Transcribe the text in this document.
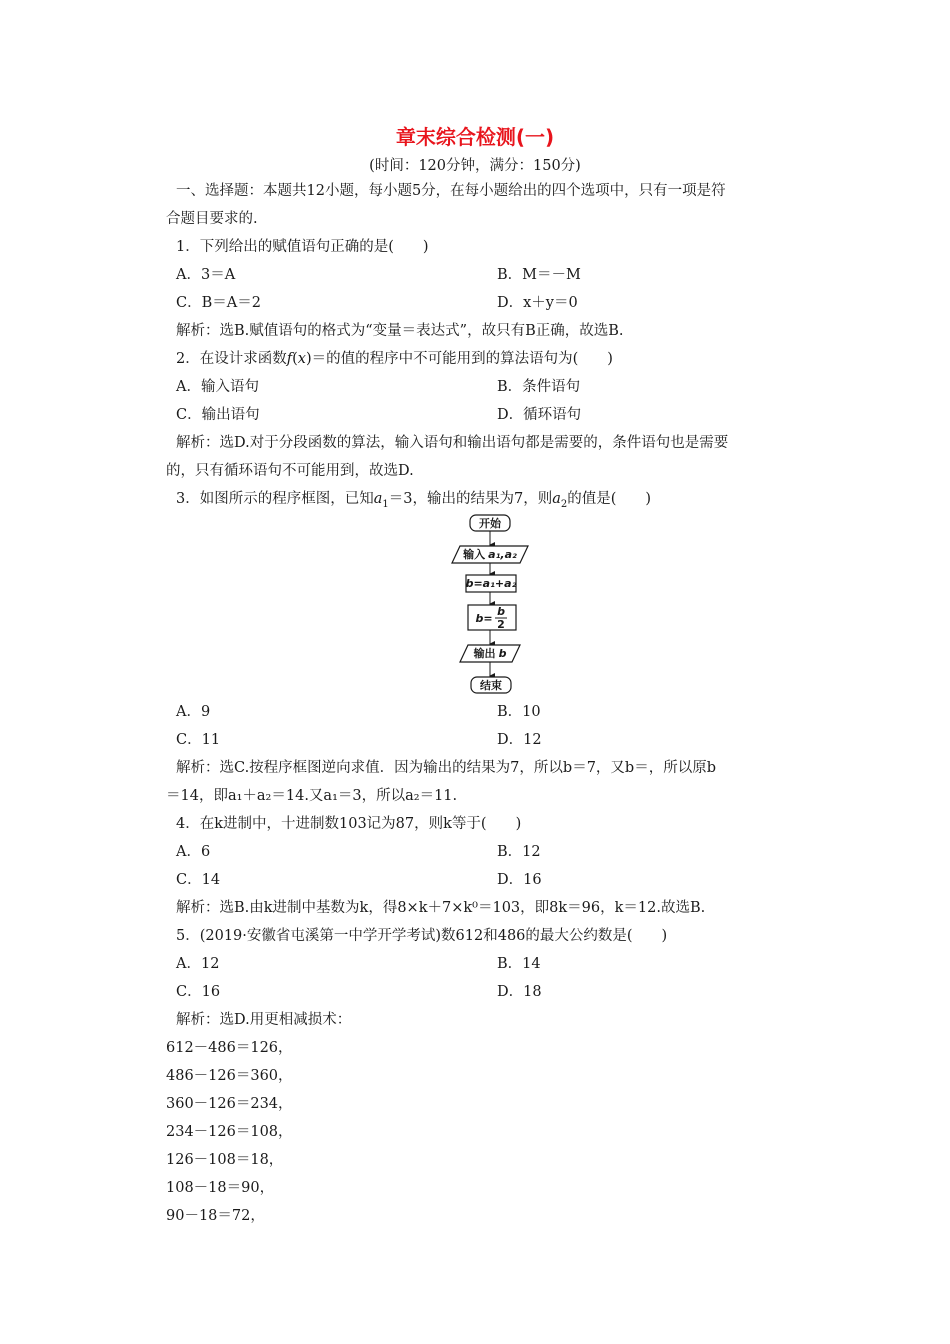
章末综合检测(一)
(时间：120分钟，满分：150分)
一、选择题：本题共12小题，每小题5分，在每小题给出的四个选项中，只有一项是符
合题目要求的.
1．下列给出的赋值语句正确的是(　　)
A．3＝A	B．M＝－M
C．B＝A＝2	D．x＋y＝0
解析：选B.赋值语句的格式为“变量＝表达式”，故只有B正确，故选B.
2．在设计求函数f(x)＝的值的程序中不可能用到的算法语句为(　　)
A．输入语句	B．条件语句
C．输出语句	D．循环语句
解析：选D.对于分段函数的算法，输入语句和输出语句都是需要的，条件语句也是需要
的，只有循环语句不可能用到，故选D.
3．如图所示的程序框图，已知$a_1=3$，输出的结果为7，则$a_2$的值是(　　)
开始
输入 a₁,a₂
b=a₁+a₂
b=
b
2
输出 b
结束
A．9	B．10
C．11	D．12
解析：选C.按程序框图逆向求值．因为输出的结果为7，所以b＝7，又b＝，所以原b
＝14，即a₁＋a₂＝14.又a₁＝3，所以a₂＝11.
4．在k进制中，十进制数103记为87，则k等于(　　)
A．6	B．12
C．14	D．16
解析：选B.由k进制中基数为k，得8×k＋7×k⁰＝103，即8k＝96，k＝12.故选B.
5．(2019·安徽省屯溪第一中学开学考试)数612和486的最大公约数是(　　)
A．12	B．14
C．16	D．18
解析：选D.用更相减损术：
612－486＝126，
486－126＝360，
360－126＝234，
234－126＝108，
126－108＝18，
108－18＝90，
90－18＝72，
